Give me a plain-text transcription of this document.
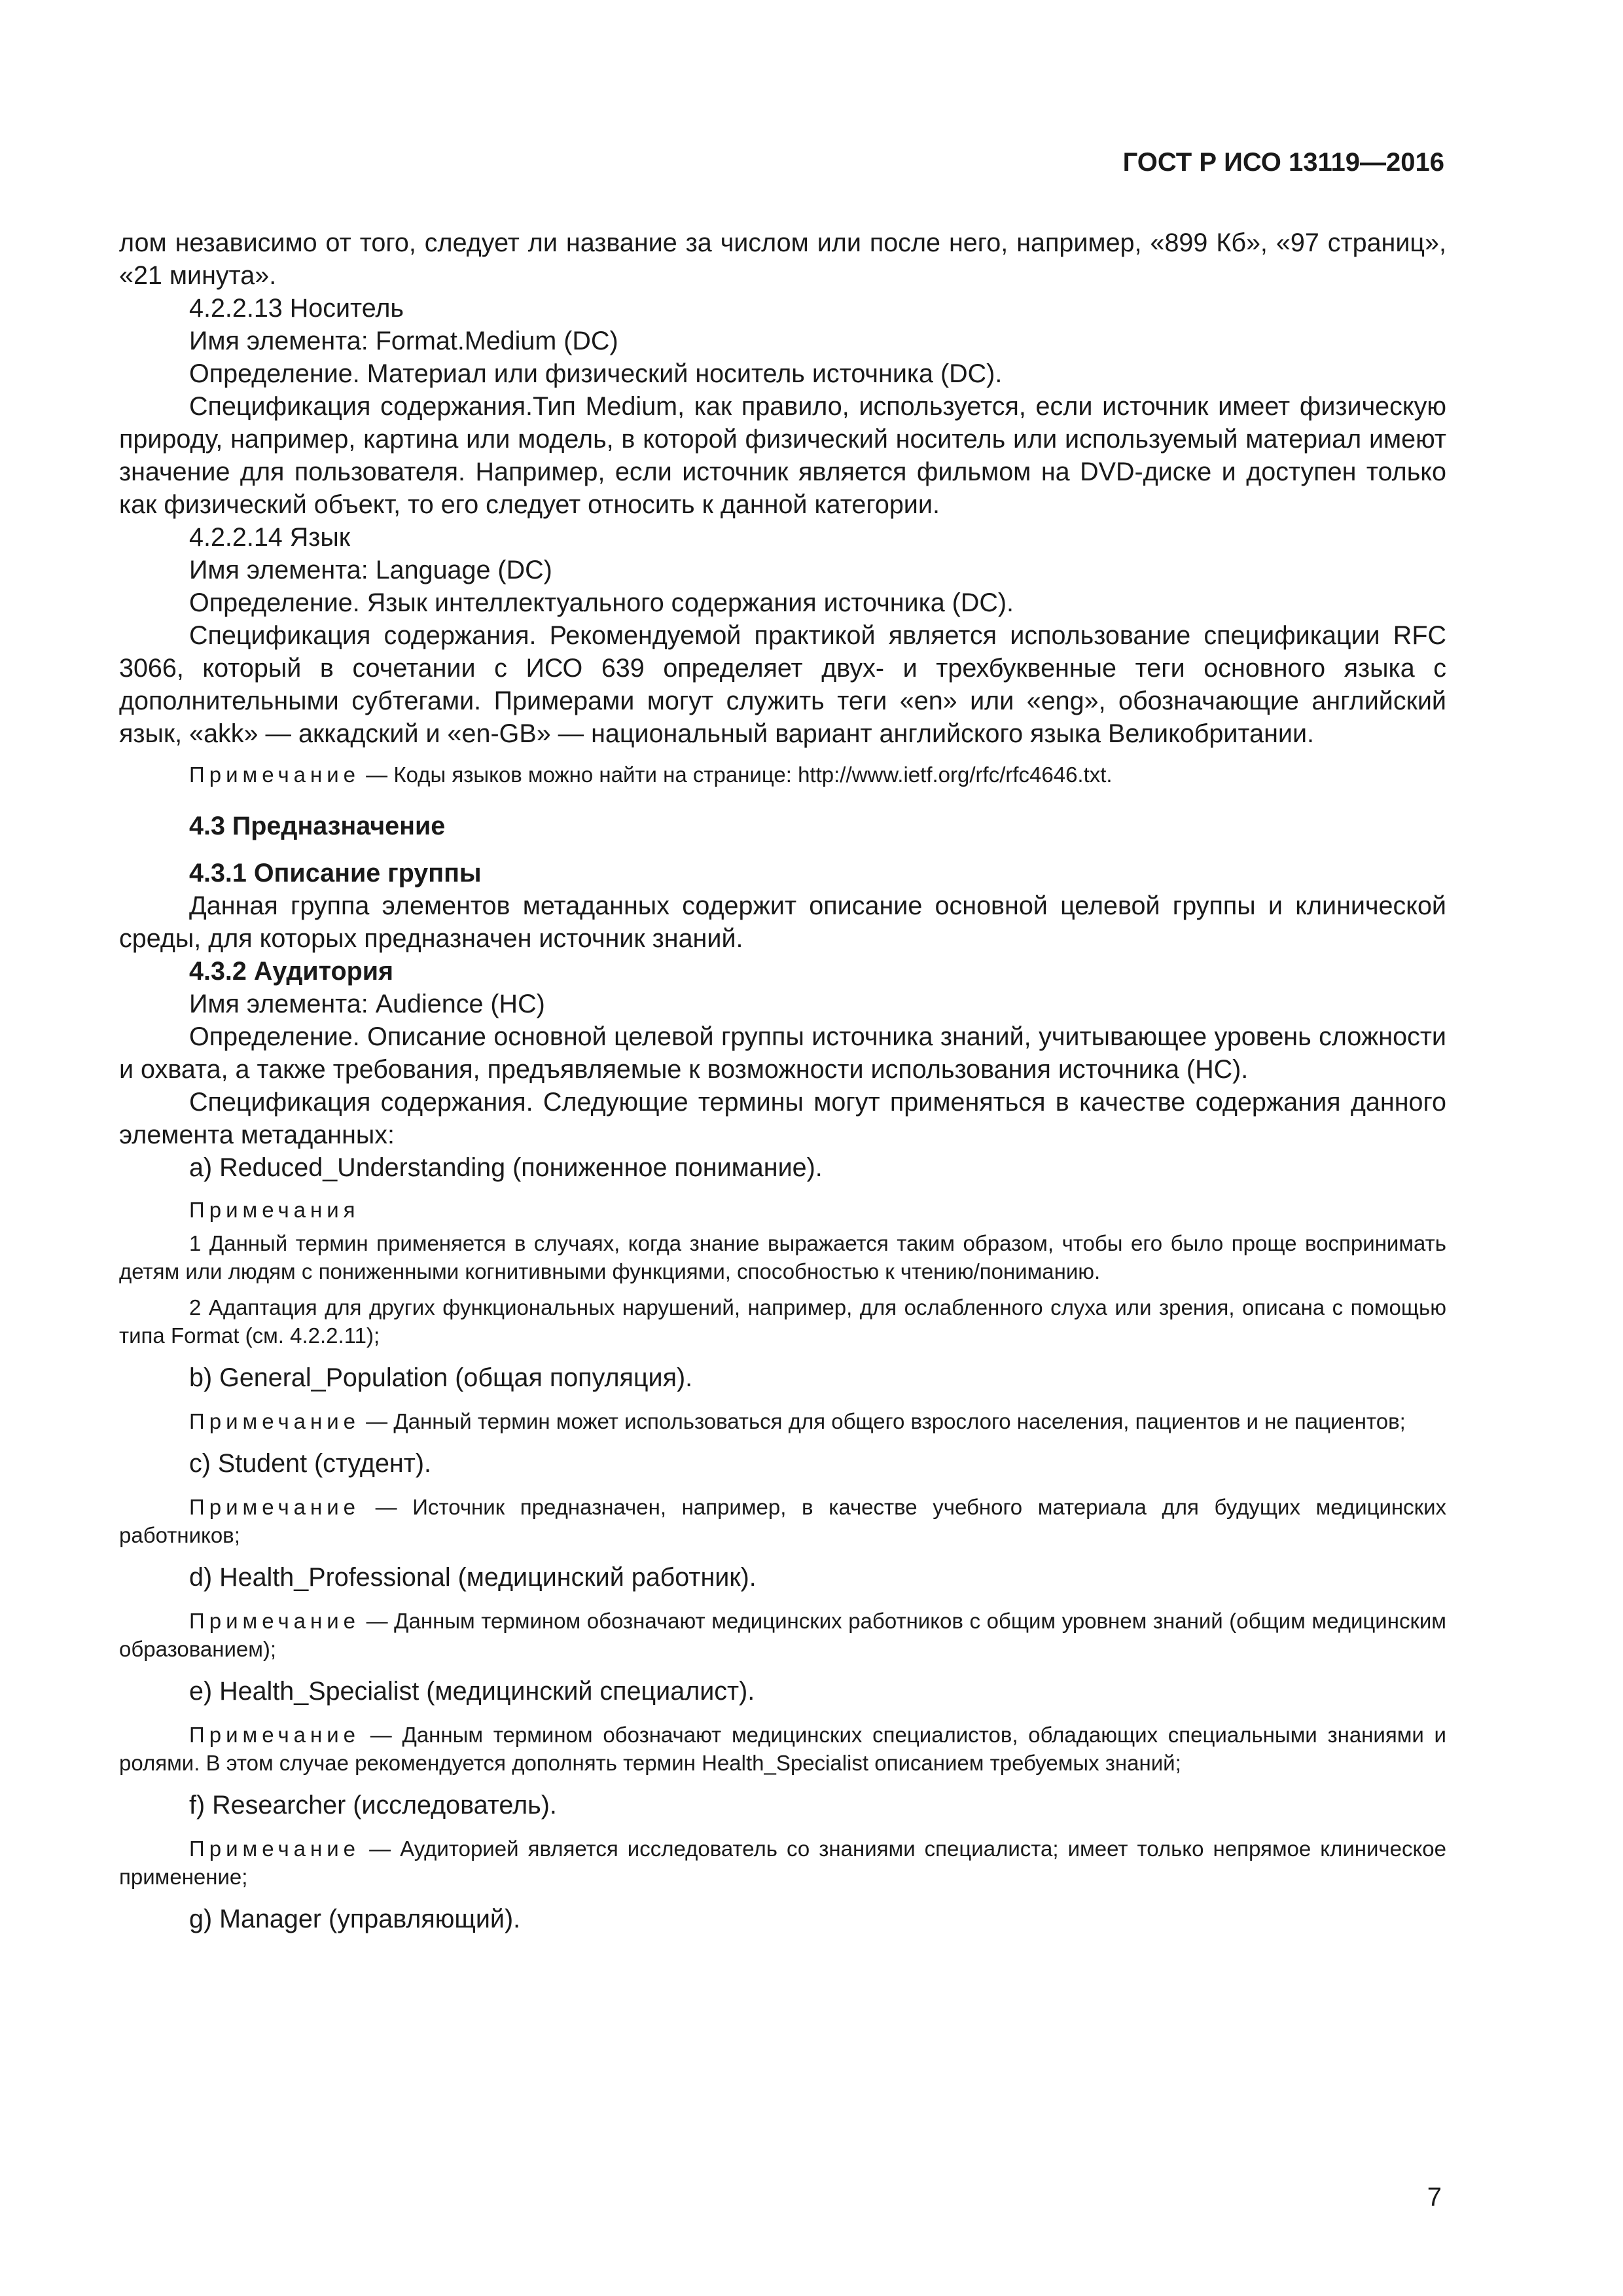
ГОСТ Р ИСО 13119—2016

лом независимо от того, следует ли название за числом или после него, например, «899 Кб», «97 страниц», «21 минута».

4.2.2.13 Носитель

Имя элемента: Format.Medium (DC)

Определение. Материал или физический носитель источника (DC).

Спецификация содержания.Тип Medium, как правило, используется, если источник имеет физическую природу, например, картина или модель, в которой физический носитель или используемый материал имеют значение для пользователя. Например, если источник является фильмом на DVD-диске и доступен только как физический объект, то его следует относить к данной категории.

4.2.2.14 Язык

Имя элемента: Language (DC)

Определение. Язык интеллектуального содержания источника (DC).

Спецификация содержания. Рекомендуемой практикой является использование спецификации RFC 3066, который в сочетании с ИСО 639 определяет двух- и трехбуквенные теги основного языка с дополнительными субтегами. Примерами могут служить теги «en» или «eng», обозначающие английский язык, «akk» — аккадский и «en-GB» — национальный вариант английского языка Великобритании.

Примечание — Коды языков можно найти на странице: http://www.ietf.org/rfc/rfc4646.txt.

4.3 Предназначение

4.3.1 Описание группы

Данная группа элементов метаданных содержит описание основной целевой группы и клинической среды, для которых предназначен источник знаний.

4.3.2 Аудитория

Имя элемента: Audience (HC)

Определение. Описание основной целевой группы источника знаний, учитывающее уровень сложности и охвата, а также требования, предъявляемые к возможности использования источника (HC).

Спецификация содержания. Следующие термины могут применяться в качестве содержания данного элемента метаданных:

а) Reduced_Understanding (пониженное понимание).

Примечания

1 Данный термин применяется в случаях, когда знание выражается таким образом, чтобы его было проще воспринимать детям или людям с пониженными когнитивными функциями, способностью к чтению/пониманию.

2 Адаптация для других функциональных нарушений, например, для ослабленного слуха или зрения, описана с помощью типа Format (см. 4.2.2.11);

b) General_Population (общая популяция).

Примечание — Данный термин может использоваться для общего взрослого населения, пациентов и не пациентов;

с) Student (студент).

Примечание — Источник предназначен, например, в качестве учебного материала для будущих медицинских работников;

d) Health_Professional (медицинский работник).

Примечание — Данным термином обозначают медицинских работников с общим уровнем знаний (общим медицинским образованием);

е) Health_Specialist (медицинский специалист).

Примечание — Данным термином обозначают медицинских специалистов, обладающих специальными знаниями и ролями. В этом случае рекомендуется дополнять термин Health_Specialist описанием требуемых знаний;

f) Researcher (исследователь).

Примечание — Аудиторией является исследователь со знаниями специалиста; имеет только непрямое клиническое применение;

g) Manager (управляющий).

7
